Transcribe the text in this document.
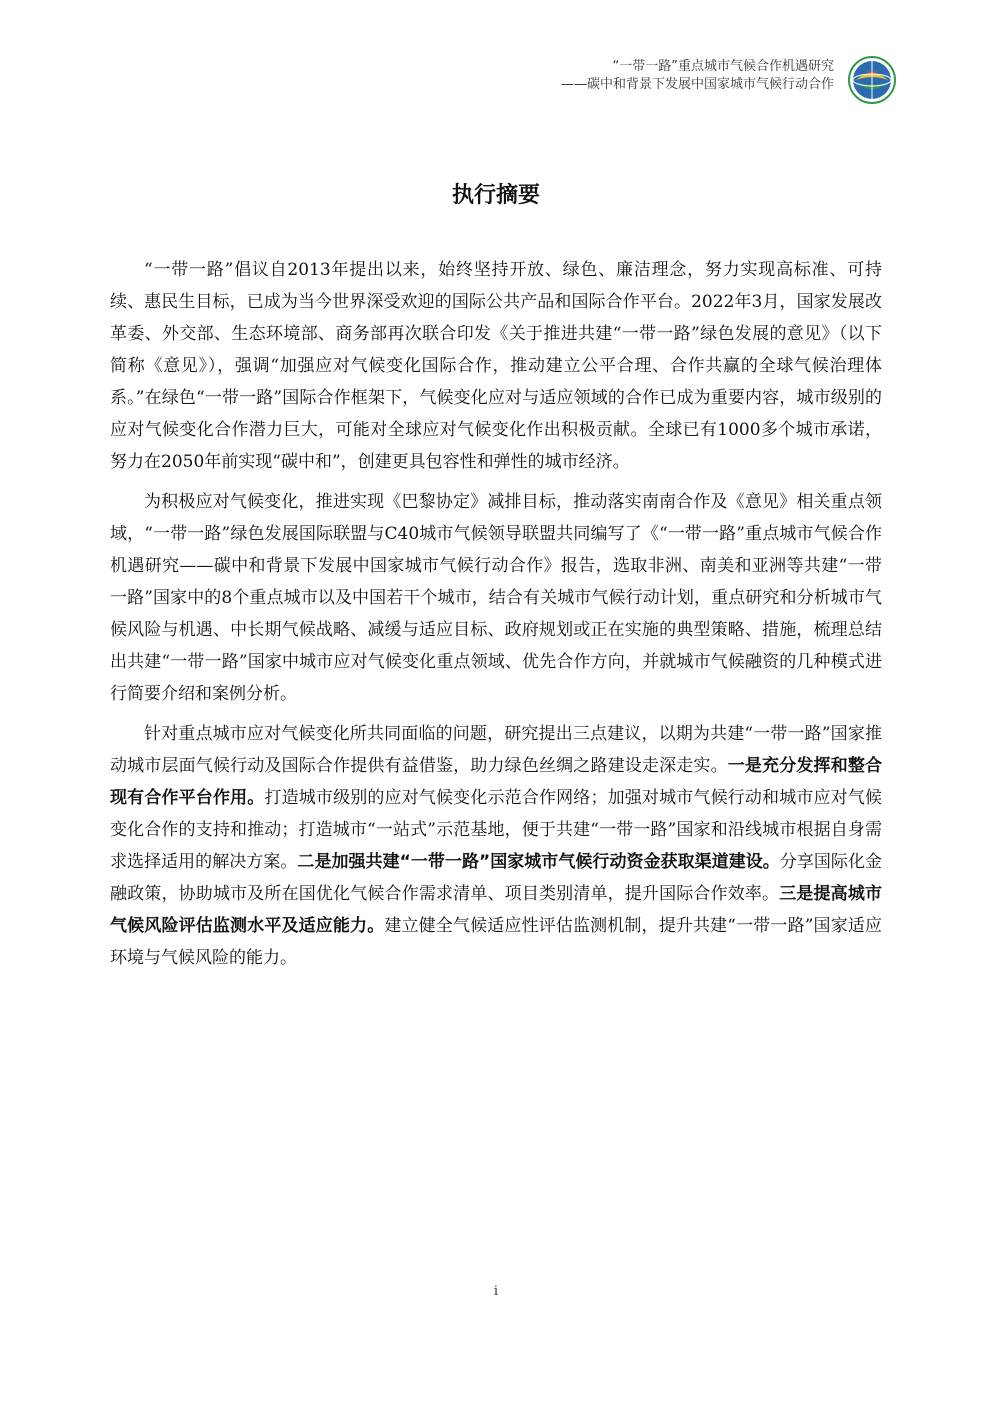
“一带一路”重点城市气候合作机遇研究
——碳中和背景下发展中国家城市气候行动合作
执行摘要

“一带一路”倡议自2013年提出以来，始终坚持开放、绿色、廉洁理念，努力实现高标准、可持续、惠民生目标，已成为当今世界深受欢迎的国际公共产品和国际合作平台。2022年3月，国家发展改革委、外交部、生态环境部、商务部再次联合印发《关于推进共建“一带一路”绿色发展的意见》（以下简称《意见》），强调“加强应对气候变化国际合作，推动建立公平合理、合作共赢的全球气候治理体系。”在绿色“一带一路”国际合作框架下，气候变化应对与适应领域的合作已成为重要内容，城市级别的应对气候变化合作潜力巨大，可能对全球应对气候变化作出积极贡献。全球已有1000多个城市承诺，努力在2050年前实现“碳中和”，创建更具包容性和弹性的城市经济。

为积极应对气候变化，推进实现《巴黎协定》减排目标，推动落实南南合作及《意见》相关重点领域，“一带一路”绿色发展国际联盟与C40城市气候领导联盟共同编写了《“一带一路”重点城市气候合作机遇研究——碳中和背景下发展中国家城市气候行动合作》报告，选取非洲、南美和亚洲等共建“一带一路”国家中的8个重点城市以及中国若干个城市，结合有关城市气候行动计划，重点研究和分析城市气候风险与机遇、中长期气候战略、减缓与适应目标、政府规划或正在实施的典型策略、措施，梳理总结出共建“一带一路”国家中城市应对气候变化重点领域、优先合作方向，并就城市气候融资的几种模式进行简要介绍和案例分析。

针对重点城市应对气候变化所共同面临的问题，研究提出三点建议，以期为共建“一带一路”国家推动城市层面气候行动及国际合作提供有益借鉴，助力绿色丝绸之路建设走深走实。一是充分发挥和整合现有合作平台作用。打造城市级别的应对气候变化示范合作网络；加强对城市气候行动和城市应对气候变化合作的支持和推动；打造城市“一站式”示范基地，便于共建“一带一路”国家和沿线城市根据自身需求选择适用的解决方案。二是加强共建“一带一路”国家城市气候行动资金获取渠道建设。分享国际化金融政策，协助城市及所在国优化气候合作需求清单、项目类别清单，提升国际合作效率。三是提高城市气候风险评估监测水平及适应能力。建立健全气候适应性评估监测机制，提升共建“一带一路”国家适应环境与气候风险的能力。

i
